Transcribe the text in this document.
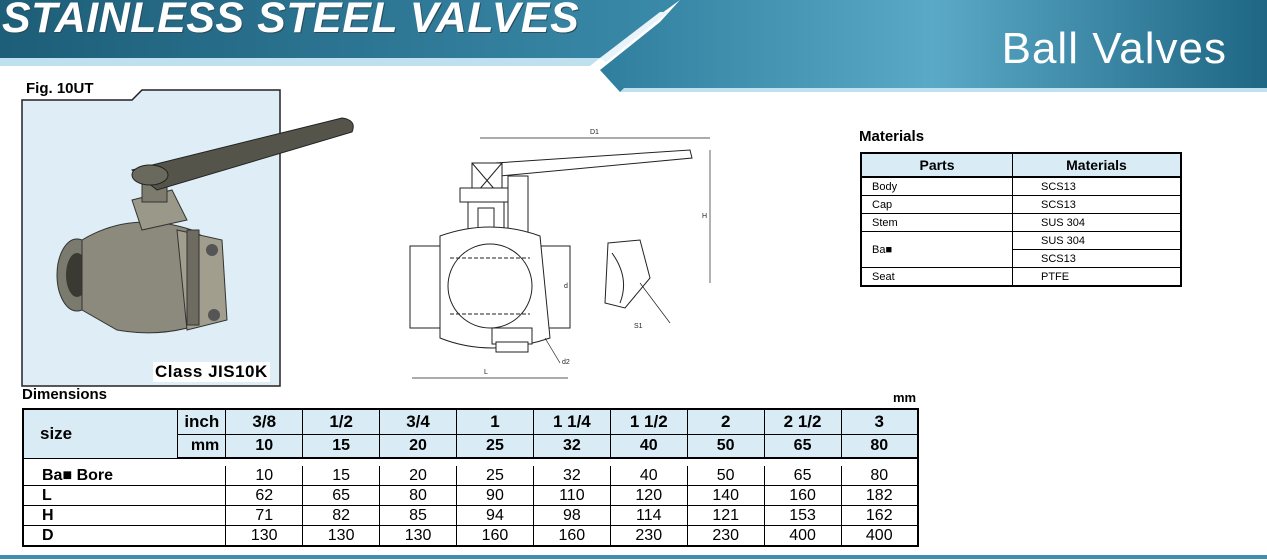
STAINLESS STEEL VALVES
Ball Valves
Fig. 10UT
Class JIS10K
D1
H
d
S1
d2
L
Materials
Parts	Materials
Body	SCS13
Cap	SCS13
Stem	SUS 304
Ba■	SUS 304
	SCS13
Seat	PTFE
Dimensions	mm
size	inch	3/8	1/2	3/4	1	1 1/4	1 1/2	2	2 1/2	3
	mm	10	15	20	25	32	40	50	65	80

Ba■ Bore		10	15	20	25	32	40	50	65	80
L		62	65	80	90	110	120	140	160	182
H		71	82	85	94	98	114	121	153	162
D		130	130	130	160	160	230	230	400	400
